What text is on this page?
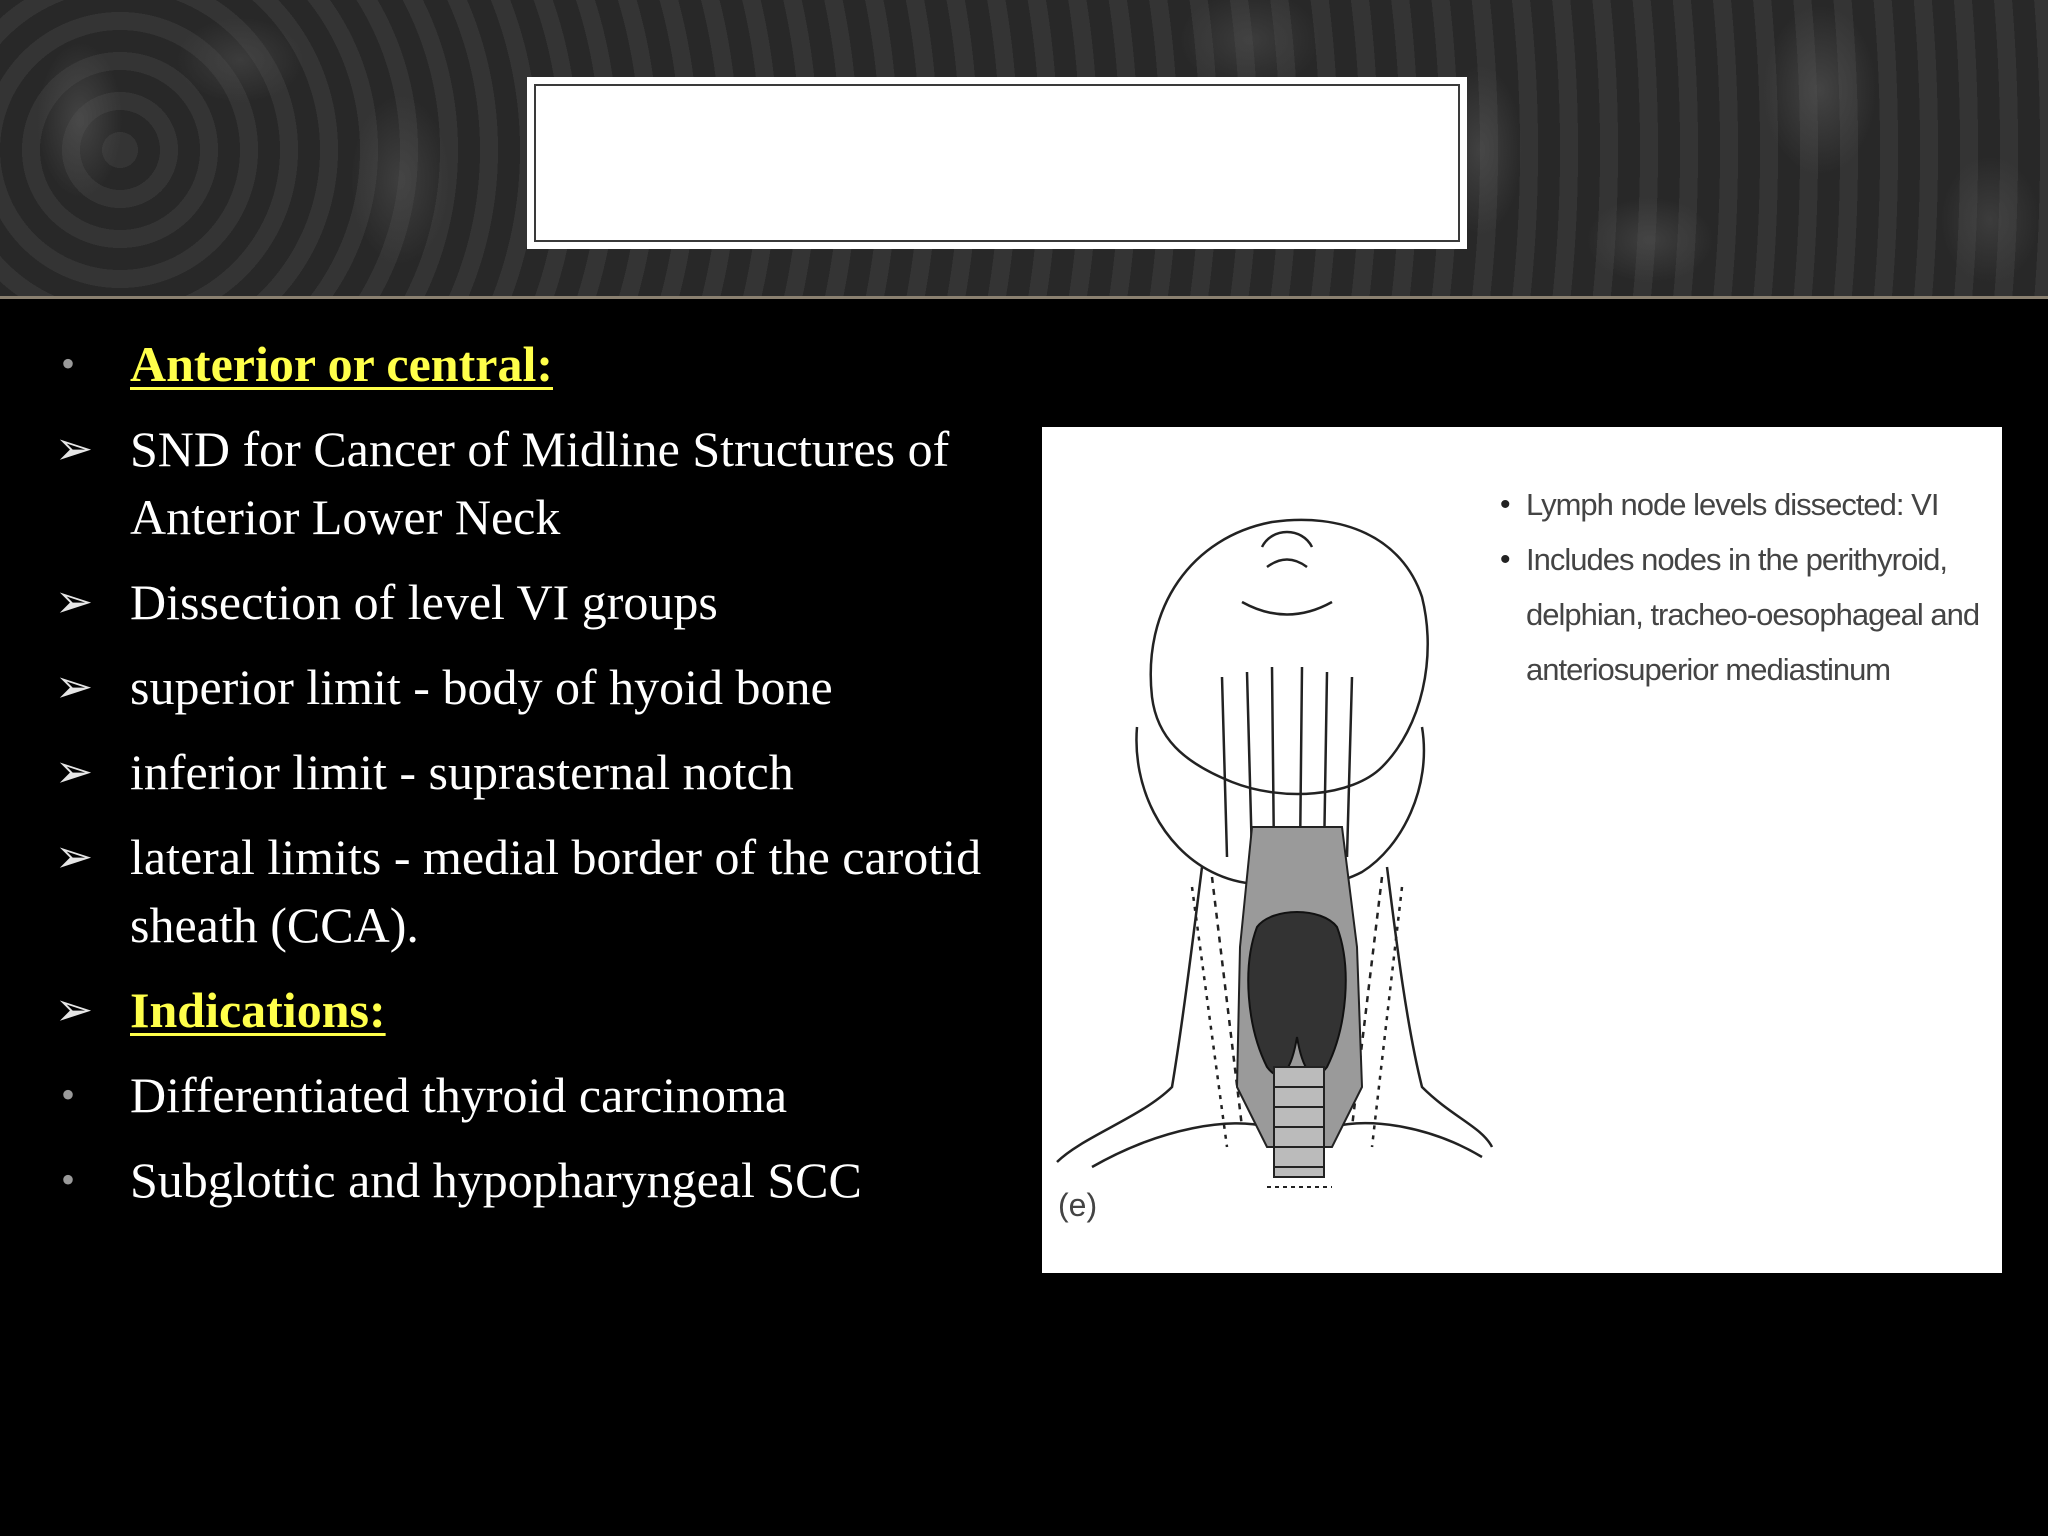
•	Anterior or central:
➢ SND for Cancer of Midline Structures of Anterior Lower Neck
➢ Dissection of level VI groups
➢ superior limit - body of hyoid bone
➢ inferior limit - suprasternal notch
➢ lateral limits - medial border of the carotid sheath (CCA).
➢ Indications:
•	Differentiated thyroid carcinoma
•	Subglottic and hypopharyngeal SCC
• Lymph node levels dissected: VI
• Includes nodes in the perithyroid, delphian, tracheo-oesophageal and anteriosuperior mediastinum
(e)
